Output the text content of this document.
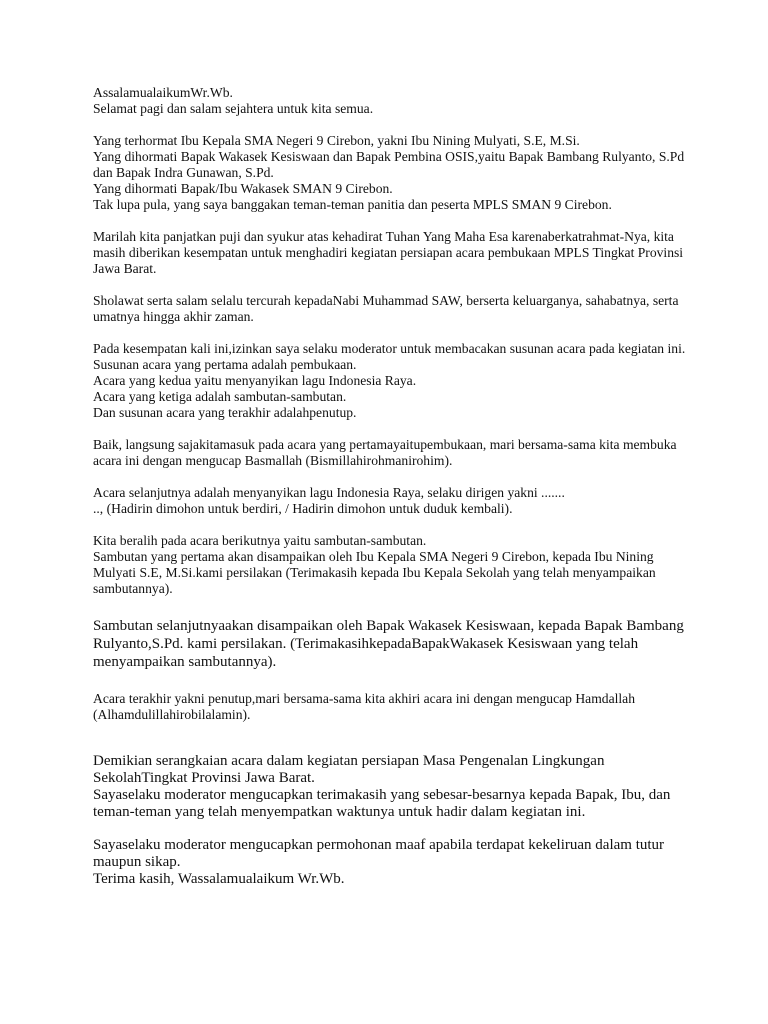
AssalamualaikumWr.Wb.

Selamat pagi dan salam sejahtera untuk kita semua.

Yang terhormat Ibu Kepala SMA Negeri 9 Cirebon, yakni Ibu Nining Mulyati, S.E, M.Si.

Yang dihormati Bapak Wakasek Kesiswaan dan Bapak Pembina OSIS,yaitu Bapak Bambang Rulyanto, S.Pd dan Bapak Indra Gunawan, S.Pd.

Yang dihormati Bapak/Ibu Wakasek SMAN 9 Cirebon.

Tak lupa pula, yang saya banggakan teman-teman panitia dan peserta MPLS SMAN 9 Cirebon.

Marilah kita panjatkan puji dan syukur atas kehadirat Tuhan Yang Maha Esa karenaberkatrahmat-Nya, kita masih diberikan kesempatan untuk menghadiri kegiatan persiapan acara pembukaan MPLS Tingkat Provinsi Jawa Barat.

Sholawat serta salam selalu tercurah kepadaNabi Muhammad SAW, berserta keluarganya, sahabatnya, serta umatnya hingga akhir zaman.

Pada kesempatan kali ini,izinkan saya selaku moderator untuk membacakan susunan acara pada kegiatan ini.

Susunan acara yang pertama adalah pembukaan.

Acara yang kedua yaitu menyanyikan lagu Indonesia Raya.

Acara yang ketiga adalah sambutan-sambutan.

Dan susunan acara yang terakhir adalahpenutup.

Baik, langsung sajakitamasuk pada acara yang pertamayaitupembukaan, mari bersama-sama kita membuka acara ini dengan mengucap Basmallah (Bismillahirohmanirohim).

Acara selanjutnya adalah menyanyikan lagu Indonesia Raya, selaku dirigen yakni .......

.., (Hadirin dimohon untuk berdiri, / Hadirin dimohon untuk duduk kembali).

Kita beralih pada acara berikutnya yaitu sambutan-sambutan.

Sambutan yang pertama akan disampaikan oleh Ibu Kepala SMA Negeri 9 Cirebon, kepada Ibu Nining Mulyati S.E, M.Si.kami persilakan (Terimakasih kepada Ibu Kepala Sekolah yang telah menyampaikan sambutannya).

Sambutan selanjutnyaakan disampaikan oleh Bapak Wakasek Kesiswaan, kepada Bapak Bambang Rulyanto,S.Pd. kami persilakan. (TerimakasihkepadaBapakWakasek Kesiswaan yang telah menyampaikan sambutannya).

Acara terakhir yakni penutup,mari bersama-sama kita akhiri acara ini dengan mengucap Hamdallah (Alhamdulillahirobilalamin).

Demikian serangkaian acara dalam kegiatan persiapan Masa Pengenalan Lingkungan SekolahTingkat Provinsi Jawa Barat.

Sayaselaku moderator mengucapkan terimakasih yang sebesar-besarnya kepada Bapak, Ibu, dan teman-teman yang telah menyempatkan waktunya untuk hadir dalam kegiatan ini.

Sayaselaku moderator mengucapkan permohonan maaf apabila terdapat kekeliruan dalam tutur maupun sikap.

Terima kasih, Wassalamualaikum Wr.Wb.
